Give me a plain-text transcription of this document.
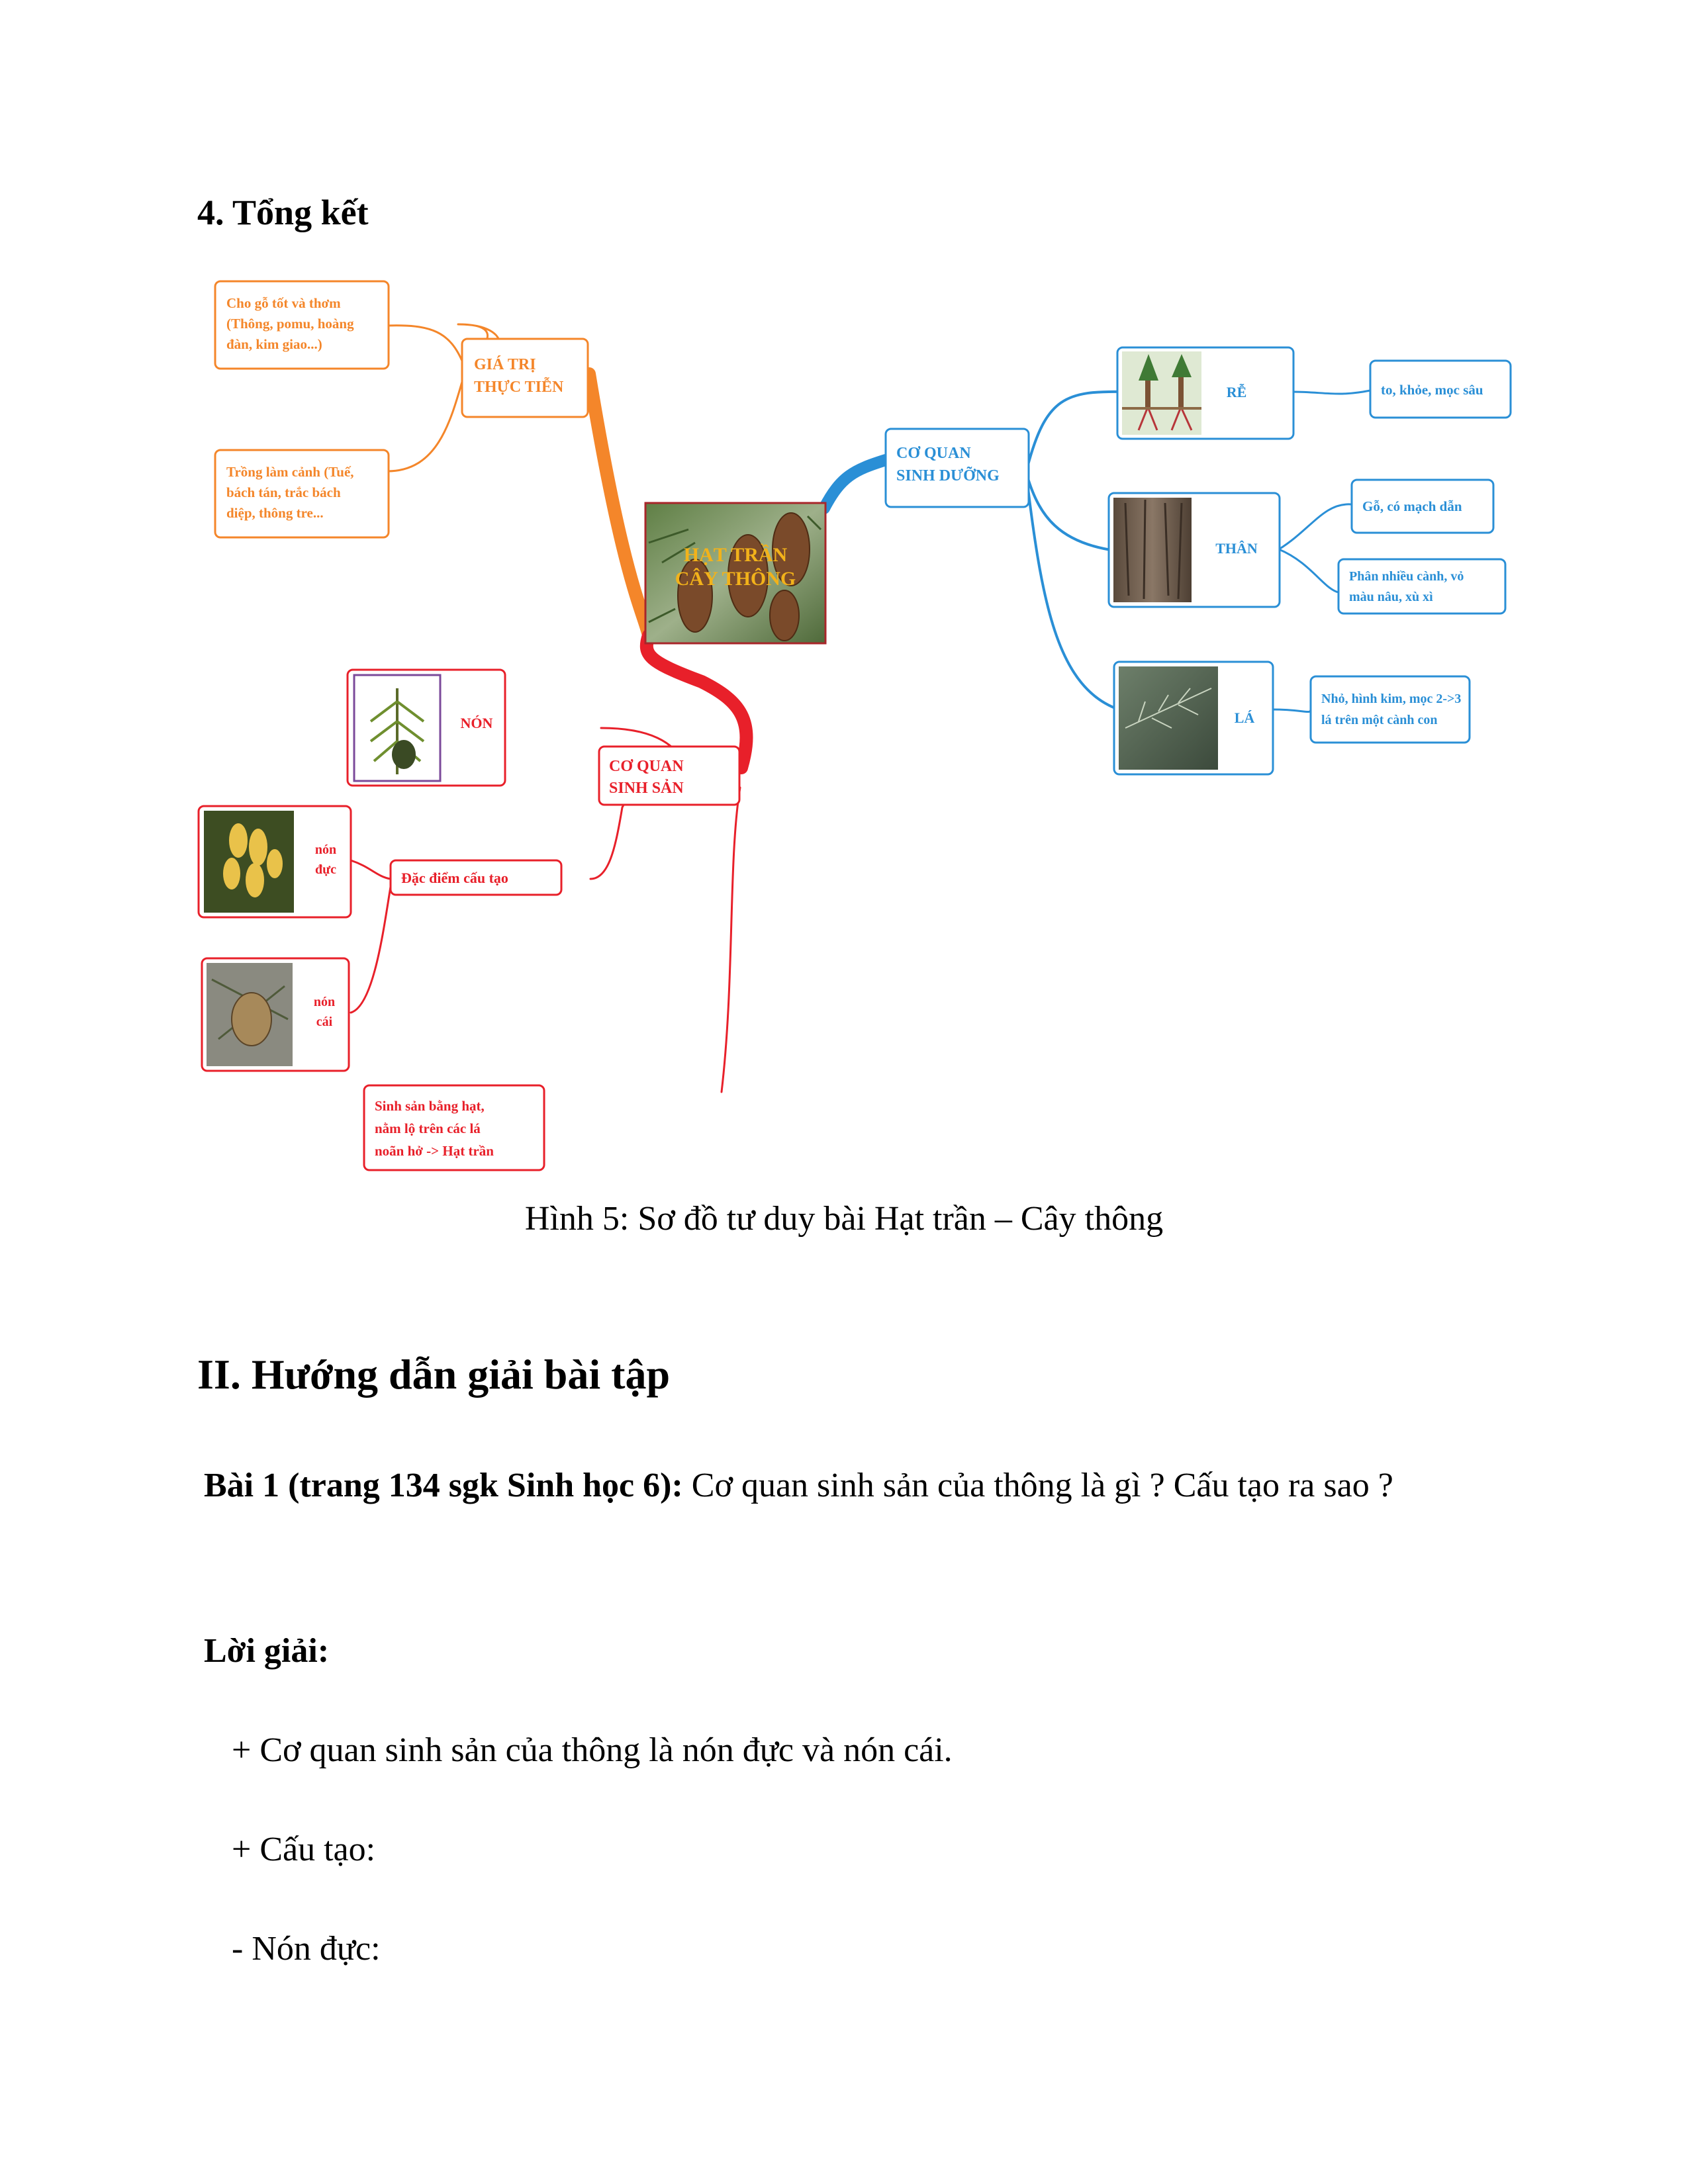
4. Tổng kết
HẠT TRẦN
CÂY THÔNG
GIÁ TRỊ
THỰC TIỄN
Cho gỗ tốt và thơm
(Thông, pomu, hoàng
đàn, kim giao...)
Trồng làm cảnh (Tuế,
bách tán, trắc bách
diệp, thông tre...
CƠ QUAN
SINH DƯỠNG
RỄ	to, khỏe, mọc sâu
THÂN
Gỗ, có mạch dẫn
Phân nhiều cành, vỏ
màu nâu, xù xì
LÁ
Nhỏ, hình kim, mọc 2->3
lá trên một cành con
CƠ QUAN
SINH SẢN
NÓN
Đặc điểm cấu tạo
nón
đực
nón
cái
Sinh sản bằng hạt,
nằm lộ trên các lá
noãn hở -> Hạt trần
Hình 5: Sơ đồ tư duy bài Hạt trần – Cây thông
II. Hướng dẫn giải bài tập

Bài 1 (trang 134 sgk Sinh học 6): Cơ quan sinh sản của thông là gì ? Cấu tạo ra sao ?

Lời giải:

+ Cơ quan sinh sản của thông là nón đực và nón cái.

+ Cấu tạo:

- Nón đực:
